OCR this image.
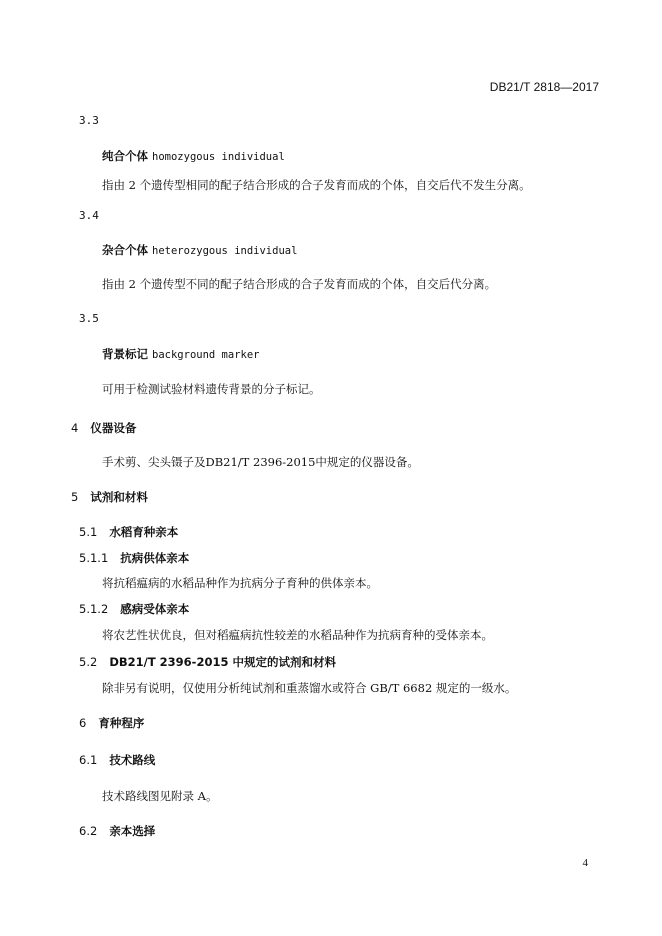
DB21/T 2818—2017
3.3
纯合个体 homozygous individual
指由 2 个遗传型相同的配子结合形成的合子发育而成的个体，自交后代不发生分离。
3.4
杂合个体 heterozygous individual
指由 2 个遗传型不同的配子结合形成的合子发育而成的个体，自交后代分离。
3.5
背景标记 background marker
可用于检测试验材料遗传背景的分子标记。
4 仪器设备
手术剪、尖头镊子及DB21/T 2396-2015中规定的仪器设备。
5 试剂和材料
5.1 水稻育种亲本
5.1.1 抗病供体亲本
将抗稻瘟病的水稻品种作为抗病分子育种的供体亲本。
5.1.2 感病受体亲本
将农艺性状优良，但对稻瘟病抗性较差的水稻品种作为抗病育种的受体亲本。
5.2 DB21/T 2396-2015 中规定的试剂和材料
除非另有说明，仅使用分析纯试剂和重蒸馏水或符合 GB/T 6682 规定的一级水。
6 育种程序
6.1 技术路线
技术路线图见附录 A。
6.2 亲本选择
4
